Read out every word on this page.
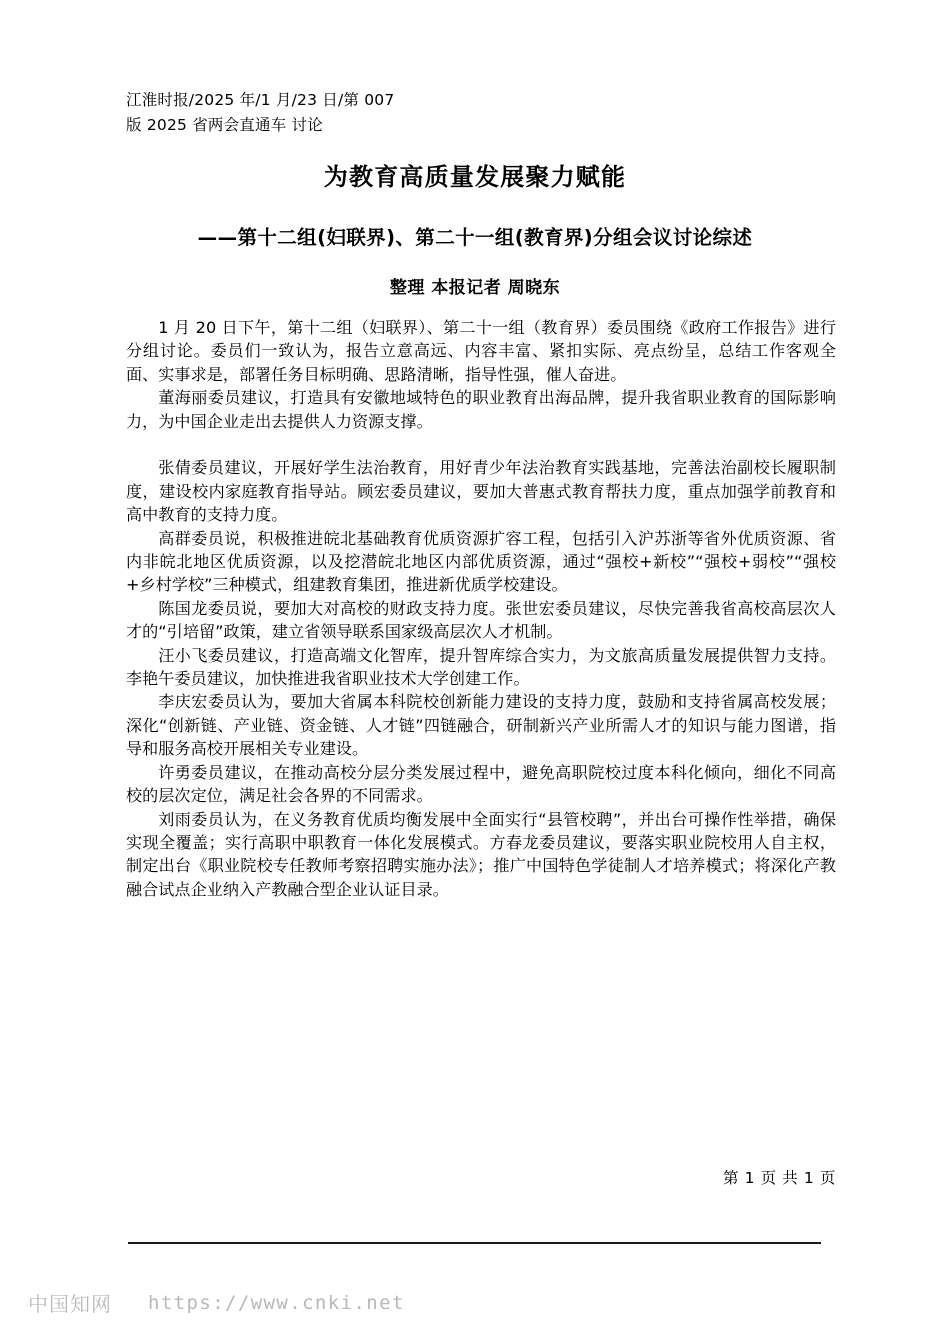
江淮时报/2025 年/1 月/23 日/第 007
版 2025 省两会直通车 讨论
为教育高质量发展聚力赋能
——第十二组(妇联界)、第二十一组(教育界)分组会议讨论综述
整理 本报记者 周晓东

1 月 20 日下午，第十二组（妇联界）、第二十一组（教育界）委员围绕《政府工作报告》进行分组讨论。委员们一致认为，报告立意高远、内容丰富、紧扣实际、亮点纷呈，总结工作客观全面、实事求是，部署任务目标明确、思路清晰，指导性强，催人奋进。

董海丽委员建议，打造具有安徽地域特色的职业教育出海品牌，提升我省职业教育的国际影响力，为中国企业走出去提供人力资源支撑。

张倩委员建议，开展好学生法治教育，用好青少年法治教育实践基地，完善法治副校长履职制度，建设校内家庭教育指导站。顾宏委员建议，要加大普惠式教育帮扶力度，重点加强学前教育和高中教育的支持力度。

高群委员说，积极推进皖北基础教育优质资源扩容工程，包括引入沪苏浙等省外优质资源、省内非皖北地区优质资源，以及挖潜皖北地区内部优质资源，通过“强校+新校”“强校+弱校”“强校+乡村学校”三种模式，组建教育集团，推进新优质学校建设。

陈国龙委员说，要加大对高校的财政支持力度。张世宏委员建议，尽快完善我省高校高层次人才的“引培留”政策，建立省领导联系国家级高层次人才机制。

汪小飞委员建议，打造高端文化智库，提升智库综合实力，为文旅高质量发展提供智力支持。李艳午委员建议，加快推进我省职业技术大学创建工作。

李庆宏委员认为，要加大省属本科院校创新能力建设的支持力度，鼓励和支持省属高校发展；深化“创新链、产业链、资金链、人才链”四链融合，研制新兴产业所需人才的知识与能力图谱，指导和服务高校开展相关专业建设。

许勇委员建议，在推动高校分层分类发展过程中，避免高职院校过度本科化倾向，细化不同高校的层次定位，满足社会各界的不同需求。

刘雨委员认为，在义务教育优质均衡发展中全面实行“县管校聘”，并出台可操作性举措，确保实现全覆盖；实行高职中职教育一体化发展模式。方春龙委员建议，要落实职业院校用人自主权，制定出台《职业院校专任教师考察招聘实施办法》；推广中国特色学徒制人才培养模式；将深化产教融合试点企业纳入产教融合型企业认证目录。

第 1 页 共 1 页
中国知网 https://www.cnki.net
